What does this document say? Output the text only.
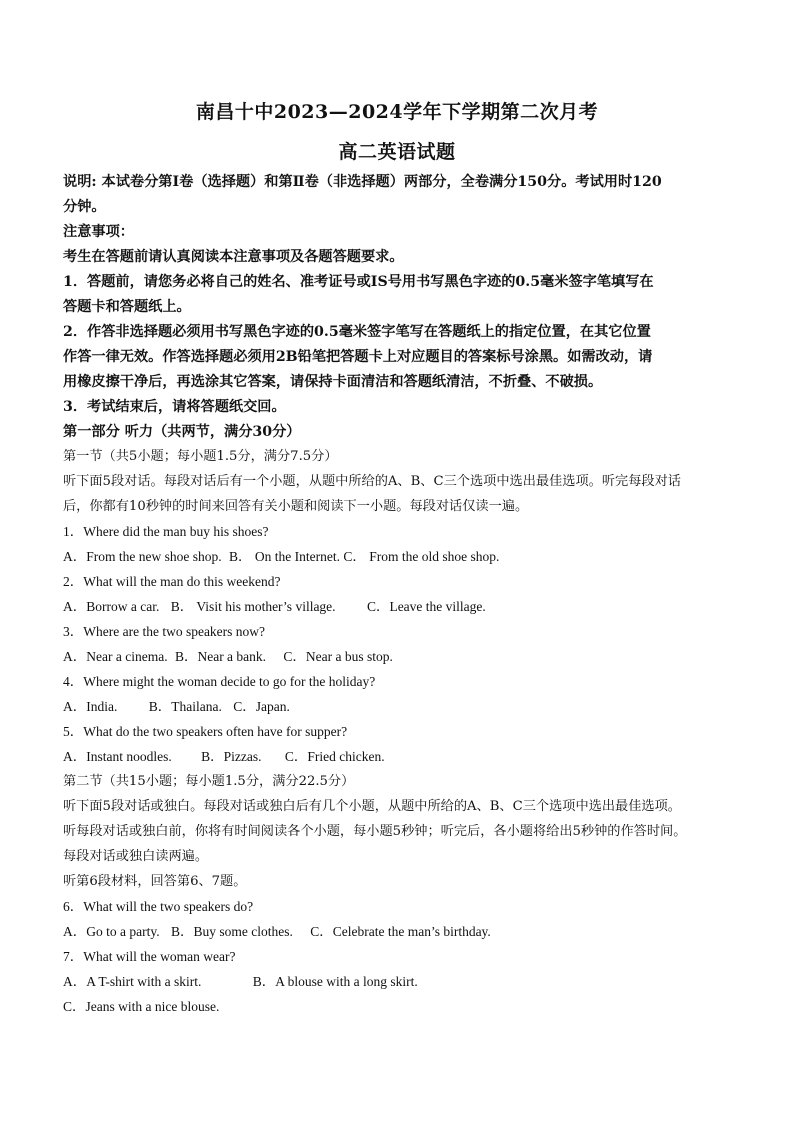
南昌十中2023—2024学年下学期第二次月考
高二英语试题
说明: 本试卷分第Ⅰ卷（选择题）和第Ⅱ卷（非选择题）两部分，全卷满分150分。考试用时120
分钟。
注意事项：
考生在答题前请认真阅读本注意事项及各题答题要求。
1．答题前，请您务必将自己的姓名、准考证号或IS号用书写黑色字迹的0.5毫米签字笔填写在
答题卡和答题纸上。
2．作答非选择题必须用书写黑色字迹的0.5毫米签字笔写在答题纸上的指定位置，在其它位置
作答一律无效。作答选择题必须用2B铅笔把答题卡上对应题目的答案标号涂黑。如需改动，请
用橡皮擦干净后，再选涂其它答案，请保持卡面清洁和答题纸清洁，不折叠、不破损。
3．考试结束后，请将答题纸交回。
第一部分 听力（共两节，满分30分）
第一节（共5小题；每小题1.5分，满分7.5分）
听下面5段对话。每段对话后有一个小题，从题中所给的A、B、C三个选项中选出最佳选项。听完每段对话
后，你都有10秒钟的时间来回答有关小题和阅读下一小题。每段对话仅读一遍。
1．Where did the man buy his shoes?
A．From the new shoe shop. B． On the Internet. C． From the old shoe shop.
2．What will the man do this weekend?
A．Borrow a car. B． Visit his mother’s village. C．Leave the village.
3．Where are the two speakers now?
A．Near a cinema. B．Near a bank. C．Near a bus stop.
4．Where might the woman decide to go for the holiday?
A．India. B．Thailana. C．Japan.
5．What do the two speakers often have for supper?
A．Instant noodles. B．Pizzas. C．Fried chicken.
第二节（共15小题；每小题1.5分，满分22.5分）
听下面5段对话或独白。每段对话或独白后有几个小题，从题中所给的A、B、C三个选项中选出最佳选项。
听每段对话或独白前，你将有时间阅读各个小题，每小题5秒钟；听完后，各小题将给出5秒钟的作答时间。
每段对话或独白读两遍。
听第6段材料，回答第6、7题。
6．What will the two speakers do?
A．Go to a party. B．Buy some clothes. C．Celebrate the man’s birthday.
7．What will the woman wear?
A．A T-shirt with a skirt.	B．A blouse with a long skirt.
C．Jeans with a nice blouse.
